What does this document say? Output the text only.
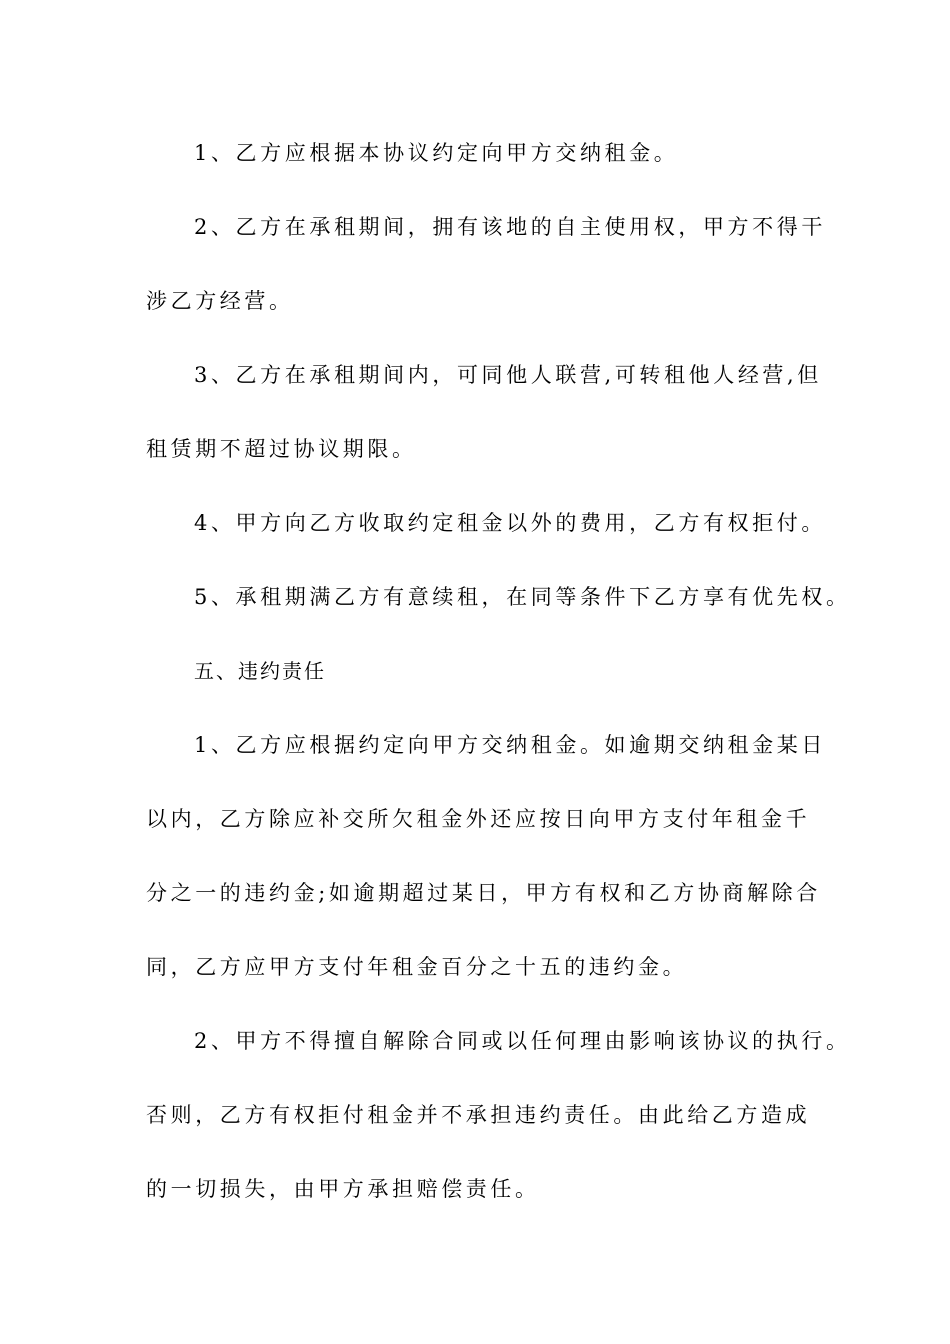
1、乙方应根据本协议约定向甲方交纳租金。
2、乙方在承租期间，拥有该地的自主使用权，甲方不得干
涉乙方经营。
3、乙方在承租期间内，可同他人联营,可转租他人经营,但
租赁期不超过协议期限。
4、甲方向乙方收取约定租金以外的费用，乙方有权拒付。
5、承租期满乙方有意续租，在同等条件下乙方享有优先权。
五、违约责任
1、乙方应根据约定向甲方交纳租金。如逾期交纳租金某日
以内，乙方除应补交所欠租金外还应按日向甲方支付年租金千
分之一的违约金;如逾期超过某日，甲方有权和乙方协商解除合
同，乙方应甲方支付年租金百分之十五的违约金。
2、甲方不得擅自解除合同或以任何理由影响该协议的执行。
否则，乙方有权拒付租金并不承担违约责任。由此给乙方造成
的一切损失，由甲方承担赔偿责任。
